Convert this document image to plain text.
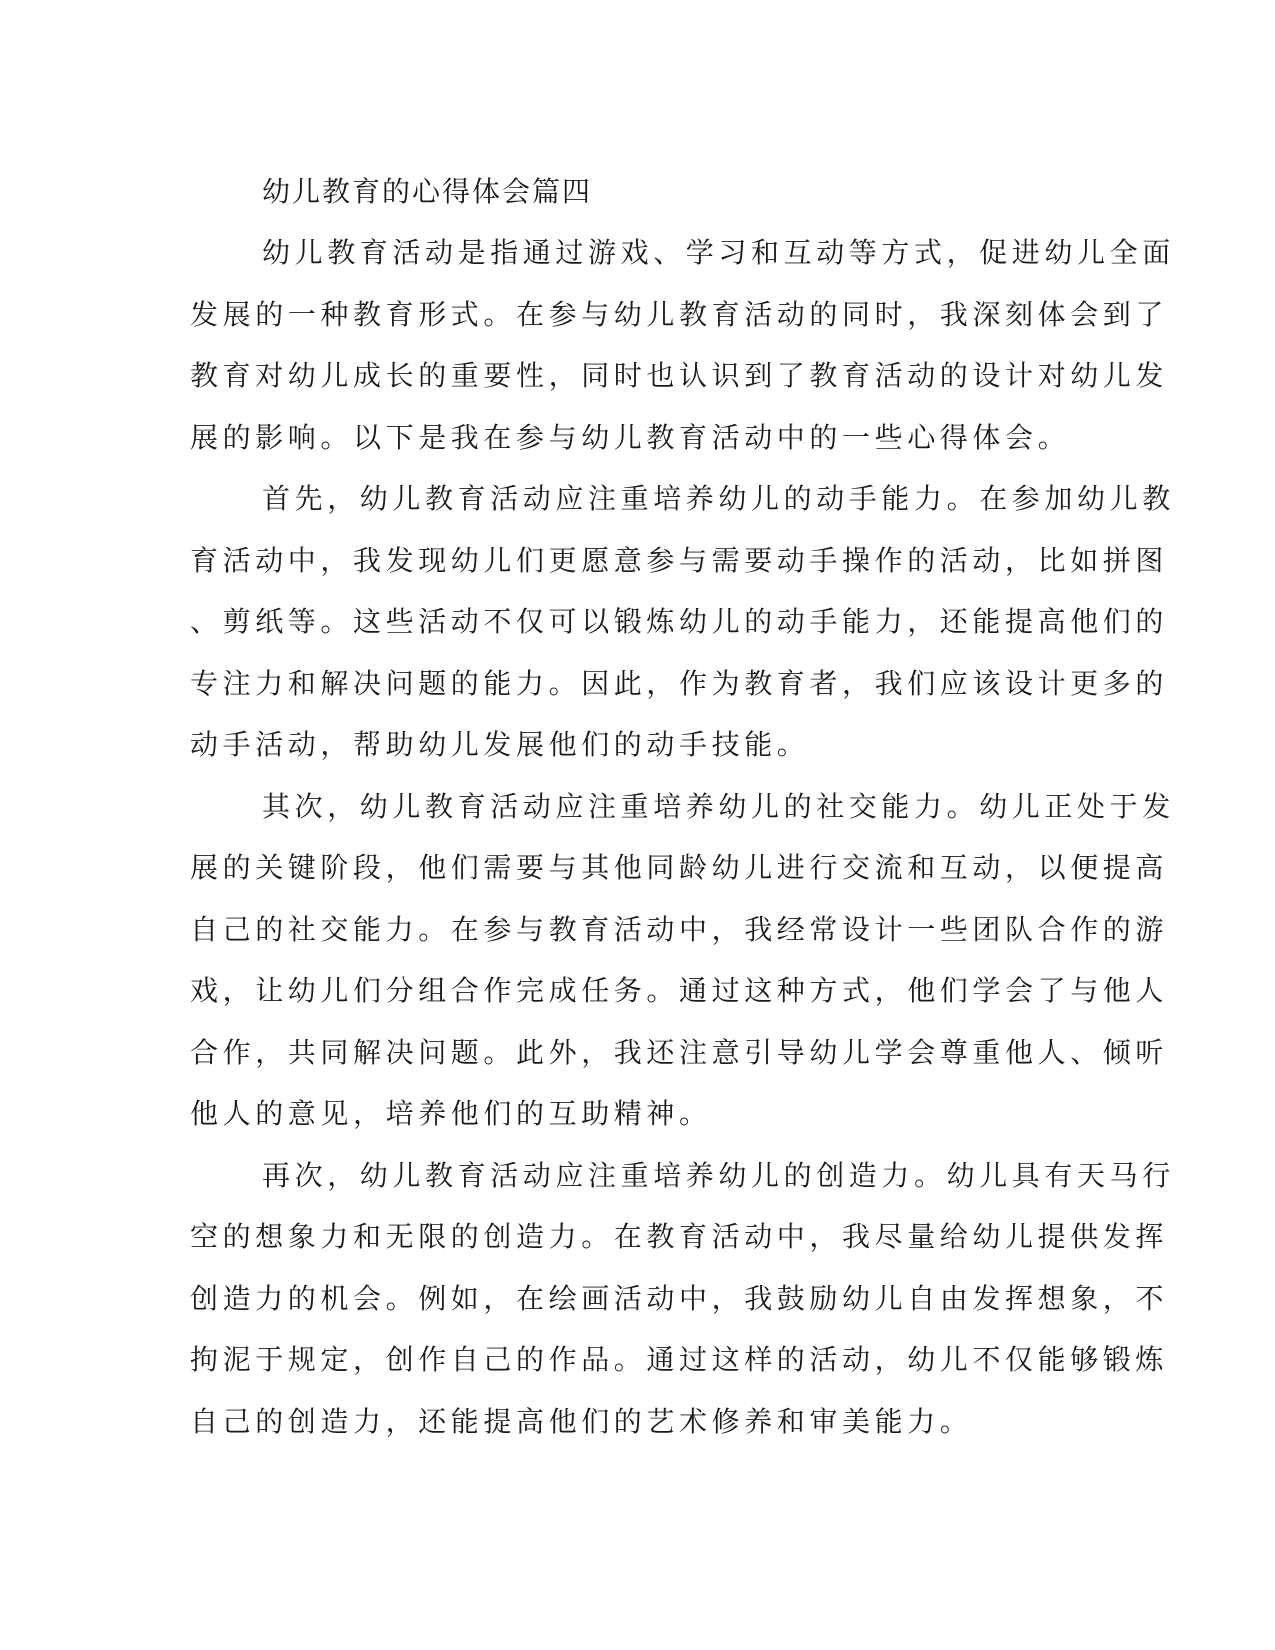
幼儿教育的心得体会篇四
幼儿教育活动是指通过游戏、学习和互动等方式，促进幼儿全面
发展的一种教育形式。在参与幼儿教育活动的同时，我深刻体会到了
教育对幼儿成长的重要性，同时也认识到了教育活动的设计对幼儿发
展的影响。以下是我在参与幼儿教育活动中的一些心得体会。
首先，幼儿教育活动应注重培养幼儿的动手能力。在参加幼儿教
育活动中，我发现幼儿们更愿意参与需要动手操作的活动，比如拼图
、剪纸等。这些活动不仅可以锻炼幼儿的动手能力，还能提高他们的
专注力和解决问题的能力。因此，作为教育者，我们应该设计更多的
动手活动，帮助幼儿发展他们的动手技能。
其次，幼儿教育活动应注重培养幼儿的社交能力。幼儿正处于发
展的关键阶段，他们需要与其他同龄幼儿进行交流和互动，以便提高
自己的社交能力。在参与教育活动中，我经常设计一些团队合作的游
戏，让幼儿们分组合作完成任务。通过这种方式，他们学会了与他人
合作，共同解决问题。此外，我还注意引导幼儿学会尊重他人、倾听
他人的意见，培养他们的互助精神。
再次，幼儿教育活动应注重培养幼儿的创造力。幼儿具有天马行
空的想象力和无限的创造力。在教育活动中，我尽量给幼儿提供发挥
创造力的机会。例如，在绘画活动中，我鼓励幼儿自由发挥想象，不
拘泥于规定，创作自己的作品。通过这样的活动，幼儿不仅能够锻炼
自己的创造力，还能提高他们的艺术修养和审美能力。
